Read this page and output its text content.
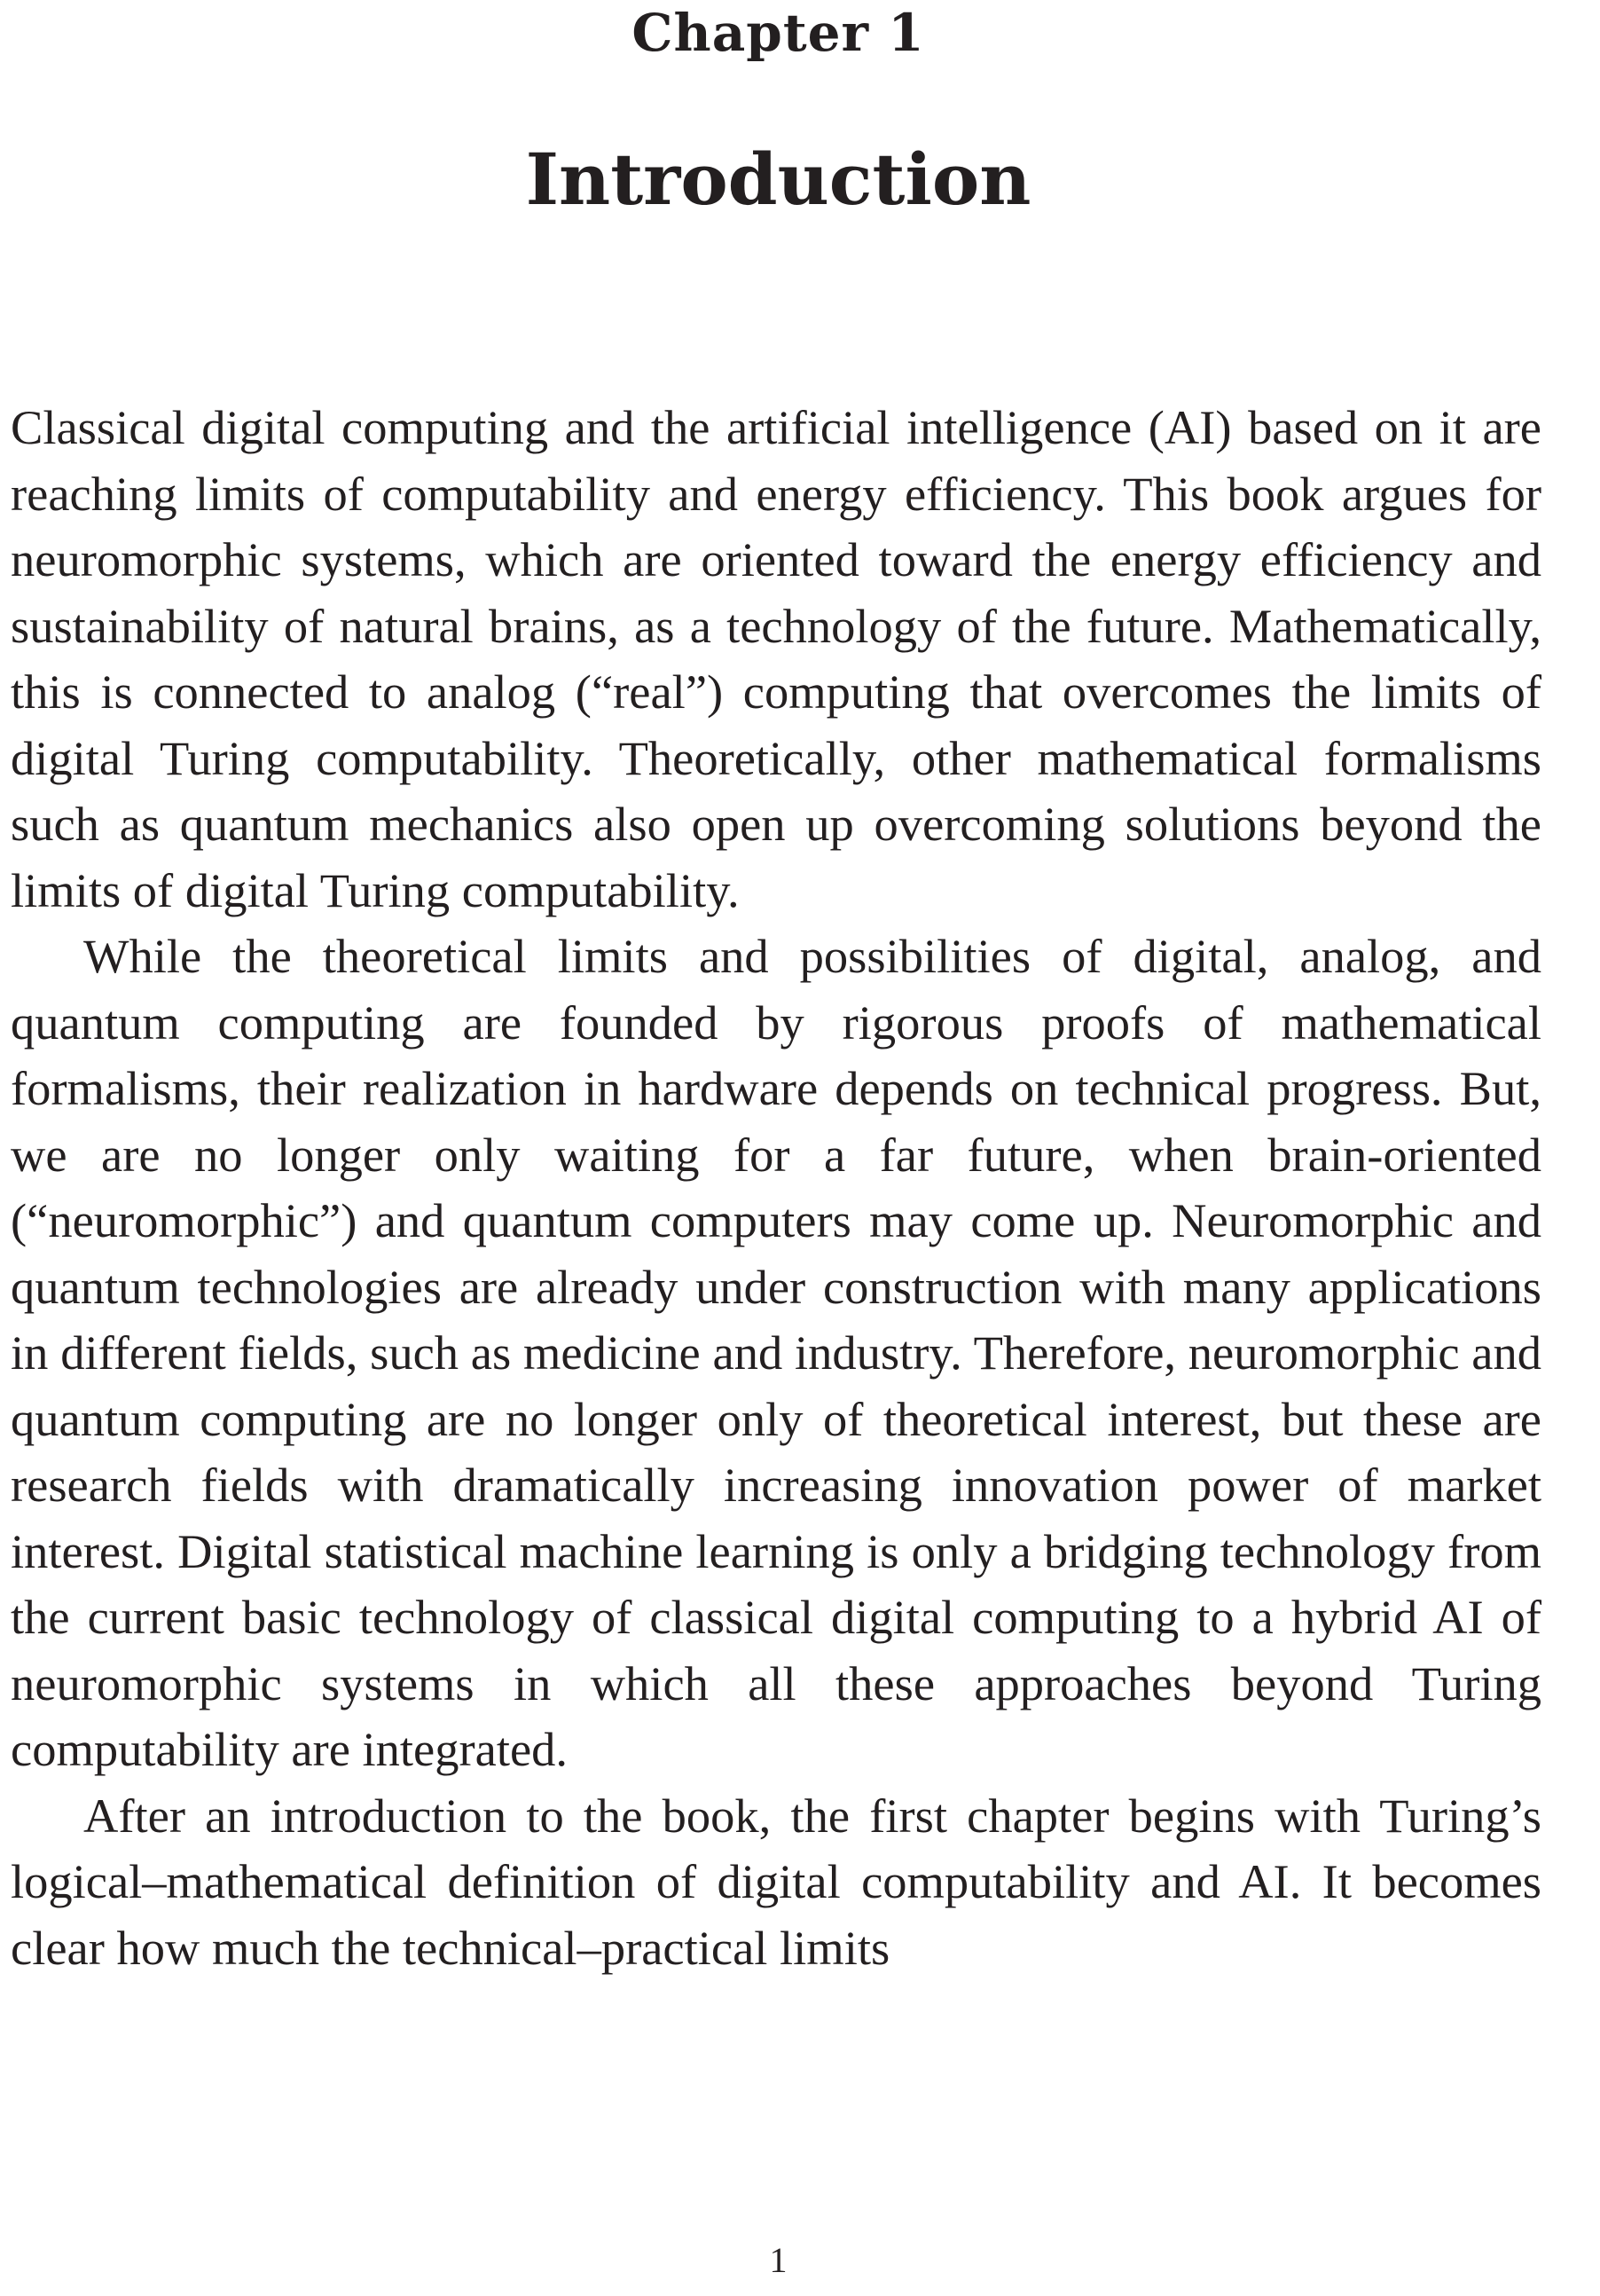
Chapter 1
Introduction

Classical digital computing and the artificial intelligence (AI) based on it are reaching limits of computability and energy efficiency. This book argues for neuromorphic systems, which are oriented toward the energy efficiency and sustainability of natural brains, as a technology of the future. Mathematically, this is connected to analog (“real”) computing that overcomes the limits of digital Turing computability. Theoretically, other mathematical formalisms such as quantum mechanics also open up overcoming solutions beyond the limits of digital Turing computability.

While the theoretical limits and possibilities of digital, analog, and quantum computing are founded by rigorous proofs of mathematical formalisms, their realization in hardware depends on technical progress. But, we are no longer only waiting for a far future, when brain-oriented (“neuromorphic”) and quantum computers may come up. Neuromorphic and quantum technologies are already under construction with many applications in different fields, such as medicine and industry. Therefore, neuromorphic and quantum computing are no longer only of theoretical interest, but these are research fields with dramatically increasing innovation power of market interest. Digital statistical machine learning is only a bridging technology from the current basic technology of classical digital computing to a hybrid AI of neuromorphic systems in which all these approaches beyond Turing computability are integrated.

After an introduction to the book, the first chapter begins with Turing’s logical–mathematical definition of digital computability and AI. It becomes clear how much the technical–practical limits

1
